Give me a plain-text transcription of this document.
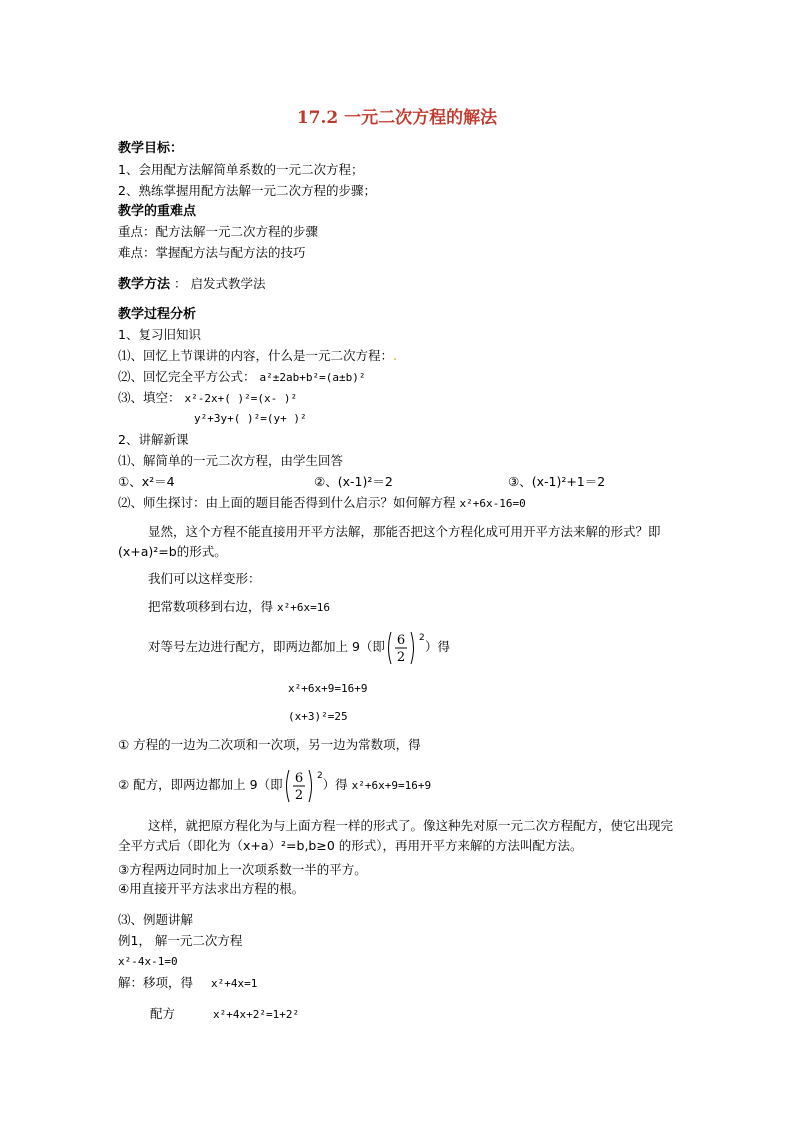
17.2 一元二次方程的解法
教学目标：
1、会用配方法解简单系数的一元二次方程；
2、熟练掌握用配方法解一元二次方程的步骤；
教学的重难点
重点：配方法解一元二次方程的步骤
难点：掌握配方法与配方法的技巧
教学方法 ： 启发式教学法
教学过程分析
1、复习旧知识
⑴、回忆上节课讲的内容，什么是一元二次方程：.
⑵、回忆完全平方公式： a²±2ab+b²=(a±b)²
⑶、填空： x²-2x+( )²=(x- )²
y²+3y+( )²=(y+ )²
2、讲解新课
⑴、解简单的一元二次方程，由学生回答
①、x²＝4	②、(x-1)²＝2	③、(x-1)²+1＝2
⑵、师生探讨：由上面的题目能否得到什么启示？如何解方程 x²+6x-16=0
显然，这个方程不能直接用开平方法解，那能否把这个方程化成可用开平方法来解的形式？即(x+a)²=b的形式。
我们可以这样变形：
把常数项移到右边，得 x²+6x=16
对等号左边进行配方，即两边都加上 9（即 6
2
2
）得
x²+6x+9=16+9
(x+3)²=25
① 方程的一边为二次项和一次项，另一边为常数项，得
② 配方，即两边都加上 9（即 6
2
2
）得 x²+6x+9=16+9
这样，就把原方程化为与上面方程一样的形式了。像这种先对原一元二次方程配方，使它出现完全平方式后（即化为（x+a）²=b,b≥0 的形式），再用开平方来解的方法叫配方法。
③方程两边同时加上一次项系数一半的平方。
④用直接开平方法求出方程的根。
⑶、例题讲解
例1， 解一元二次方程
x²-4x-1=0
解：移项，得 x²+4x=1
配方	x²+4x+2²=1+2²
